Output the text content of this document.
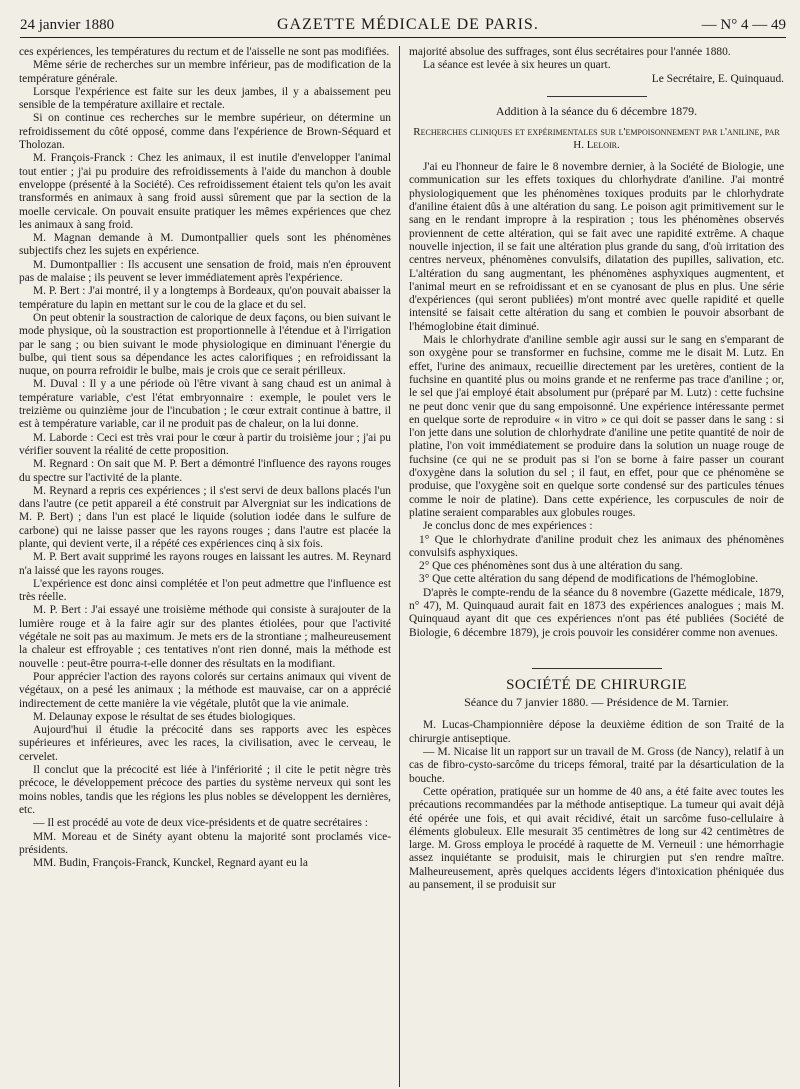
24 janvier 1880	GAZETTE MÉDICALE DE PARIS.	— N° 4 — 49

ces expériences, les températures du rectum et de l'aisselle ne sont pas modifiées.

Même série de recherches sur un membre inférieur, pas de modification de la température générale.

Lorsque l'expérience est faite sur les deux jambes, il y a abaissement peu sensible de la température axillaire et rectale.

Si on continue ces recherches sur le membre supérieur, on détermine un refroidissement du côté opposé, comme dans l'expérience de Brown-Séquard et Tholozan.

M. François-Franck : Chez les animaux, il est inutile d'envelopper l'animal tout entier ; j'ai pu produire des refroidissements à l'aide du manchon à double enveloppe (présenté à la Société). Ces refroidissement étaient tels qu'on les avait transformés en animaux à sang froid aussi sûrement que par la section de la moelle cervicale. On pouvait ensuite pratiquer les mêmes expériences que chez les animaux à sang froid.

M. Magnan demande à M. Dumontpallier quels sont les phénomènes subjectifs chez les sujets en expérience.

M. Dumontpallier : Ils accusent une sensation de froid, mais n'en éprouvent pas de malaise ; ils peuvent se lever immédiatement après l'expérience.

M. P. Bert : J'ai montré, il y a longtemps à Bordeaux, qu'on pouvait abaisser la température du lapin en mettant sur le cou de la glace et du sel.

On peut obtenir la soustraction de calorique de deux façons, ou bien suivant le mode physique, où la soustraction est proportionnelle à l'étendue et à l'irrigation par le sang ; ou bien suivant le mode physiologique en diminuant l'énergie du bulbe, qui tient sous sa dépendance les actes calorifiques ; en refroidissant la nuque, on pourra refroidir le bulbe, mais je crois que ce serait périlleux.

M. Duval : Il y a une période où l'être vivant à sang chaud est un animal à température variable, c'est l'état embryonnaire : exemple, le poulet vers le treizième ou quinzième jour de l'incubation ; le cœur extrait continue à battre, il est à température variable, car il ne produit pas de chaleur, on la lui donne.

M. Laborde : Ceci est très vrai pour le cœur à partir du troisième jour ; j'ai pu vérifier souvent la réalité de cette proposition.

M. Regnard : On sait que M. P. Bert a démontré l'influence des rayons rouges du spectre sur l'activité de la plante.

M. Reynard a repris ces expériences ; il s'est servi de deux ballons placés l'un dans l'autre (ce petit appareil a été construit par Alvergniat sur les indications de M. P. Bert) ; dans l'un est placé le liquide (solution iodée dans le sulfure de carbone) qui ne laisse passer que les rayons rouges ; dans l'autre est placée la plante, qui devient verte, il a répété ces expériences cinq à six fois.

M. P. Bert avait supprimé les rayons rouges en laissant les autres. M. Reynard n'a laissé que les rayons rouges.

L'expérience est donc ainsi complétée et l'on peut admettre que l'influence est très réelle.

M. P. Bert : J'ai essayé une troisième méthode qui consiste à surajouter de la lumière rouge et à la faire agir sur des plantes étiolées, pour que l'activité végétale ne soit pas au maximum. Je mets ers de la strontiane ; malheureusement la chaleur est effroyable ; ces tentatives n'ont rien donné, mais la méthode est nouvelle : peut-être pourra-t-elle donner des résultats en la modifiant.

Pour apprécier l'action des rayons colorés sur certains animaux qui vivent de végétaux, on a pesé les animaux ; la méthode est mauvaise, car on a apprécié indirectement de cette manière la vie végétale, plutôt que la vie animale.

M. Delaunay expose le résultat de ses études biologiques.

Aujourd'hui il étudie la précocité dans ses rapports avec les espèces supérieures et inférieures, avec les races, la civilisation, avec le cerveau, le cervelet.

Il conclut que la précocité est liée à l'infériorité ; il cite le petit nègre très précoce, le développement précoce des parties du système nerveux qui sont les moins nobles, tandis que les régions les plus nobles se développent les dernières, etc.

— Il est procédé au vote de deux vice-présidents et de quatre secrétaires :

MM. Moreau et de Sinéty ayant obtenu la majorité sont proclamés vice-présidents.

MM. Budin, François-Franck, Kunckel, Regnard ayant eu la

majorité absolue des suffrages, sont élus secrétaires pour l'année 1880.

La séance est levée à six heures un quart.

Le Secrétaire, E. Quinquaud.

Addition à la séance du 6 décembre 1879.

Recherches cliniques et expérimentales sur l'empoisonnement par l'aniline, par H. Leloir.

J'ai eu l'honneur de faire le 8 novembre dernier, à la Société de Biologie, une communication sur les effets toxiques du chlorhydrate d'aniline. J'ai montré physiologiquement que les phénomènes toxiques produits par le chlorhydrate d'aniline étaient dûs à une altération du sang. Le poison agit primitivement sur le sang en le rendant impropre à la respiration ; tous les phénomènes observés proviennent de cette altération, qui se fait avec une rapidité extrême. A chaque nouvelle injection, il se fait une altération plus grande du sang, d'où irritation des centres nerveux, phénomènes convulsifs, dilatation des pupilles, salivation, etc. L'altération du sang augmentant, les phénomènes asphyxiques augmentent, et l'animal meurt en se refroidissant et en se cyanosant de plus en plus. Une série d'expériences (qui seront publiées) m'ont montré avec quelle rapidité et quelle intensité se faisait cette altération du sang et combien le pouvoir absorbant de l'hémoglobine était diminué.

Mais le chlorhydrate d'aniline semble agir aussi sur le sang en s'emparant de son oxygène pour se transformer en fuchsine, comme me le disait M. Lutz. En effet, l'urine des animaux, recueillie directement par les uretères, contient de la fuchsine en quantité plus ou moins grande et ne renferme pas trace d'aniline ; or, le sel que j'ai employé était absolument pur (préparé par M. Lutz) : cette fuchsine ne peut donc venir que du sang empoisonné. Une expérience intéressante permet en quelque sorte de reproduire « in vitro » ce qui doit se passer dans le sang : si l'on jette dans une solution de chlorhydrate d'aniline une petite quantité de noir de platine, l'on voit immédiatement se produire dans la solution un nuage rouge de fuchsine (ce qui ne se produit pas si l'on se borne à faire passer un courant d'oxygène dans la solution du sel ; il faut, en effet, pour que ce phénomène se produise, que l'oxygène soit en quelque sorte condensé sur des particules ténues comme le noir de platine). Dans cette expérience, les corpuscules de noir de platine seraient comparables aux globules rouges.

Je conclus donc de mes expériences :

1° Que le chlorhydrate d'aniline produit chez les animaux des phénomènes convulsifs asphyxiques.

2° Que ces phénomènes sont dus à une altération du sang.

3° Que cette altération du sang dépend de modifications de l'hémoglobine.

D'après le compte-rendu de la séance du 8 novembre (Gazette médicale, 1879, n° 47), M. Quinquaud aurait fait en 1873 des expériences analogues ; mais M. Quinquaud ayant dit que ces expériences n'ont pas été publiées (Société de Biologie, 6 décembre 1879), je crois pouvoir les considérer comme non avenues.

SOCIÉTÉ DE CHIRURGIE

Séance du 7 janvier 1880. — Présidence de M. Tarnier.

M. Lucas-Championnière dépose la deuxième édition de son Traité de la chirurgie antiseptique.

— M. Nicaise lit un rapport sur un travail de M. Gross (de Nancy), relatif à un cas de fibro-cysto-sarcôme du triceps fémoral, traité par la désarticulation de la bouche.

Cette opération, pratiquée sur un homme de 40 ans, a été faite avec toutes les précautions recommandées par la méthode antiseptique. La tumeur qui avait déjà été opérée une fois, et qui avait récidivé, était un sarcôme fuso-cellulaire à éléments globuleux. Elle mesurait 35 centimètres de long sur 42 centimètres de large. M. Gross employa le procédé à raquette de M. Verneuil : une hémorrhagie assez inquiétante se produisit, mais le chirurgien put s'en rendre maître. Malheureusement, après quelques accidents légers d'intoxication phéniquée dus au pansement, il se produisit sur
